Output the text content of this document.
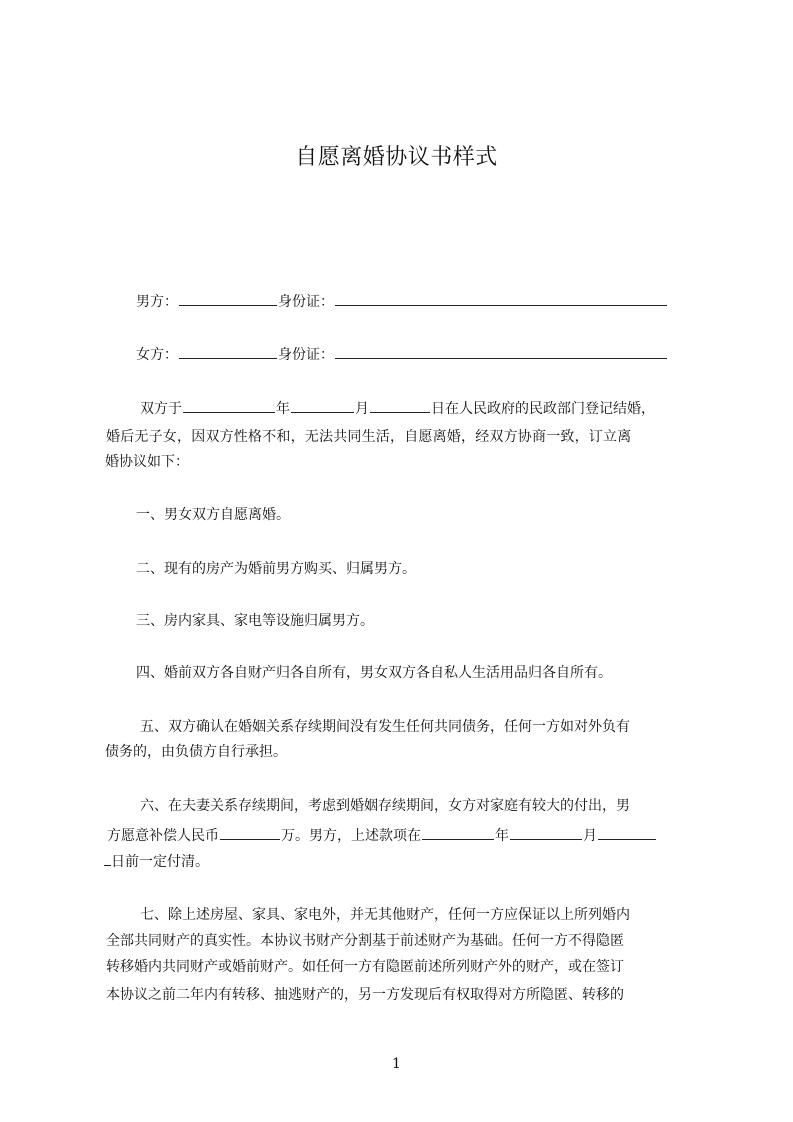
自愿离婚协议书样式
男方：	身份证：
女方：	身份证：
双方于	年	月	日在人民政府的民政部门登记结婚，
婚后无子女，因双方性格不和，无法共同生活，自愿离婚，经双方协商一致，订立离
婚协议如下：
一、男女双方自愿离婚。
二、现有的房产为婚前男方购买、归属男方。
三、房内家具、家电等设施归属男方。
四、婚前双方各自财产归各自所有，男女双方各自私人生活用品归各自所有。
五、双方确认在婚姻关系存续期间没有发生任何共同债务，任何一方如对外负有
债务的，由负债方自行承担。
六、在夫妻关系存续期间，考虑到婚姻存续期间，女方对家庭有较大的付出，男
方愿意补偿人民币	万。男方，上述款项在	年	月
日前一定付清。
七、除上述房屋、家具、家电外，并无其他财产，任何一方应保证以上所列婚内
全部共同财产的真实性。本协议书财产分割基于前述财产为基础。任何一方不得隐匿
转移婚内共同财产或婚前财产。如任何一方有隐匿前述所列财产外的财产，或在签订
本协议之前二年内有转移、抽逃财产的，另一方发现后有权取得对方所隐匿、转移的
1
